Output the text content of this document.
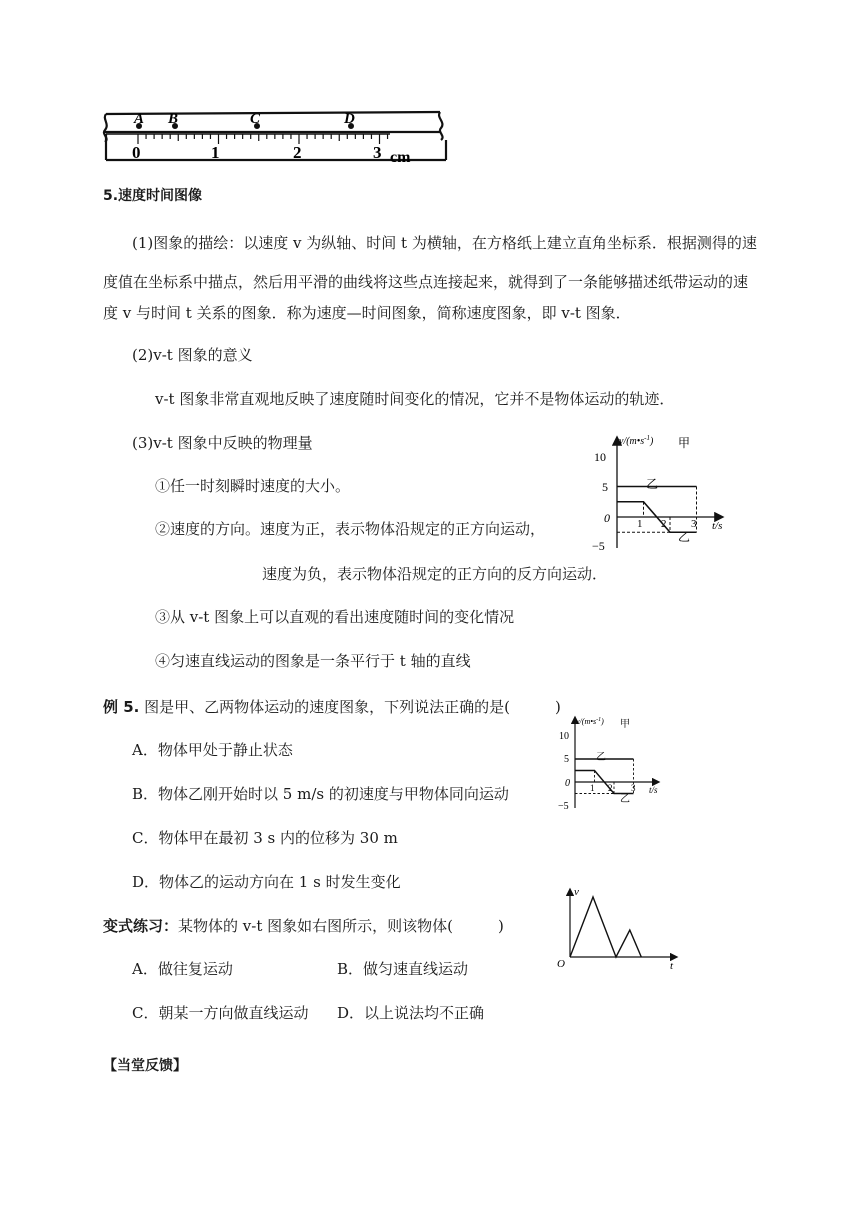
A B	C	D
0	1	2	3 cm
5.速度时间图像
(1)图象的描绘：以速度 v 为纵轴、时间 t 为横轴，在方格纸上建立直角坐标系．根据测得的速
度值在坐标系中描点，然后用平滑的曲线将这些点连接起来，就得到了一条能够描述纸带运动的速
度 v 与时间 t 关系的图象．称为速度—时间图象，简称速度图象，即 v-t 图象．
(2)v-t 图象的意义
v-t 图象非常直观地反映了速度随时间变化的情况，它并不是物体运动的轨迹．
(3)v-t 图象中反映的物理量
①任一时刻瞬时速度的大小。
②速度的方向。速度为正，表示物体沿规定的正方向运动，
速度为负，表示物体沿规定的正方向的反方向运动．
③从 v-t 图象上可以直观的看出速度随时间的变化情况
④匀速直线运动的图象是一条平行于 t 轴的直线
$v/(m•s^{-1})$ 甲
t/s
10
5
0
−5
1 2 3
乙
乙
例 5. 图是甲、乙两物体运动的速度图象，下列说法正确的是(　　　)
A．物体甲处于静止状态
B．物体乙刚开始时以 5 m/s 的初速度与甲物体同向运动
C．物体甲在最初 3 s 内的位移为 30 m
D．物体乙的运动方向在 1 s 时发生变化
$v/(m•s^{-1})$ 甲
t/s
10
5
0
−5
1 2 3
乙
乙
变式练习：某物体的 v-t 图象如右图所示，则该物体(　　　)
A．做往复运动	B．做匀速直线运动
C．朝某一方向做直线运动 D．以上说法均不正确
v
t
O
【当堂反馈】
